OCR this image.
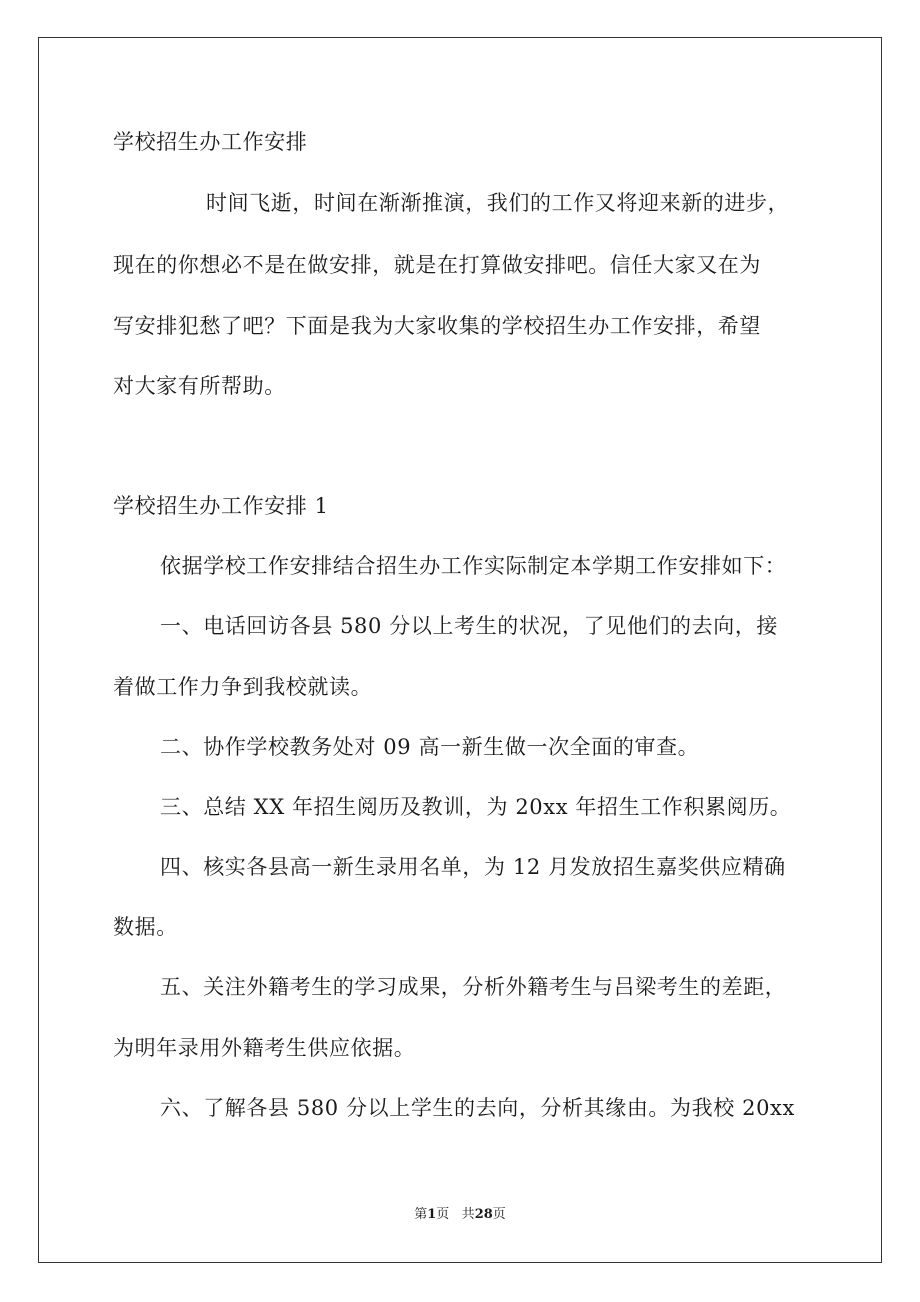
学校招生办工作安排
时间飞逝，时间在渐渐推演，我们的工作又将迎来新的进步，
现在的你想必不是在做安排，就是在打算做安排吧。信任大家又在为
写安排犯愁了吧？下面是我为大家收集的学校招生办工作安排，希望
对大家有所帮助。
学校招生办工作安排 1
依据学校工作安排结合招生办工作实际制定本学期工作安排如下：
一、电话回访各县 580 分以上考生的状况，了见他们的去向，接
着做工作力争到我校就读。
二、协作学校教务处对 09 高一新生做一次全面的审查。
三、总结 XX 年招生阅历及教训，为 20xx 年招生工作积累阅历。
四、核实各县高一新生录用名单，为 12 月发放招生嘉奖供应精确
数据。
五、关注外籍考生的学习成果，分析外籍考生与吕梁考生的差距，
为明年录用外籍考生供应依据。
六、了解各县 580 分以上学生的去向，分析其缘由。为我校 20xx
第1页 共28页
